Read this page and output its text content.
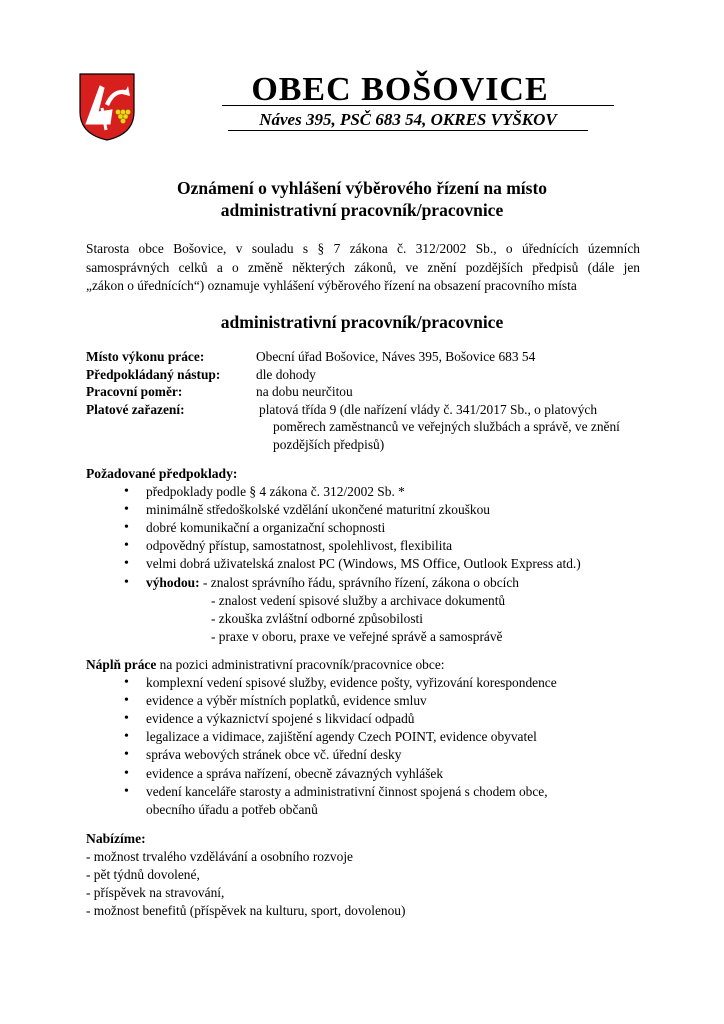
OBEC BOŠOVICE
Náves 395, PSČ 683 54, OKRES VYŠKOV
Oznámení o vyhlášení výběrového řízení na místo
administrativní pracovník/pracovnice
Starosta obce Bošovice, v souladu s § 7 zákona č. 312/2002 Sb., o úřednících územních
samosprávných celků a o změně některých zákonů, ve znění pozdějších předpisů (dále jen
„zákon o úřednících“) oznamuje vyhlášení výběrového řízení na obsazení pracovního místa
administrativní pracovník/pracovnice
Místo výkonu práce:	Obecní úřad Bošovice, Náves 395, Bošovice 683 54
Předpokládaný nástup:	dle dohody
Pracovní poměr:	na dobu neurčitou
Platové zařazení:	platová třída 9 (dle nařízení vlády č. 341/2017 Sb., o platových
poměrech zaměstnanců ve veřejných službách a správě, ve znění
pozdějších předpisů)
Požadované předpoklady:
• předpoklady podle § 4 zákona č. 312/2002 Sb. *
• minimálně středoškolské vzdělání ukončené maturitní zkouškou
• dobré komunikační a organizační schopnosti
• odpovědný přístup, samostatnost, spolehlivost, flexibilita
• velmi dobrá uživatelská znalost PC (Windows, MS Office, Outlook Express atd.)
• výhodou: - znalost správního řádu, správního řízení, zákona o obcích
- znalost vedení spisové služby a archivace dokumentů
- zkouška zvláštní odborné způsobilosti
- praxe v oboru, praxe ve veřejné správě a samosprávě
Náplň práce na pozici administrativní pracovník/pracovnice obce:
• komplexní vedení spisové služby, evidence pošty, vyřizování korespondence
• evidence a výběr místních poplatků, evidence smluv
• evidence a výkaznictví spojené s likvidací odpadů
• legalizace a vidimace, zajištění agendy Czech POINT, evidence obyvatel
• správa webových stránek obce vč. úřední desky
• evidence a správa nařízení, obecně závazných vyhlášek
• vedení kanceláře starosty a administrativní činnost spojená s chodem obce,
obecního úřadu a potřeb občanů
Nabízíme:
- možnost trvalého vzdělávání a osobního rozvoje
- pět týdnů dovolené,
- příspěvek na stravování,
- možnost benefitů (příspěvek na kulturu, sport, dovolenou)
